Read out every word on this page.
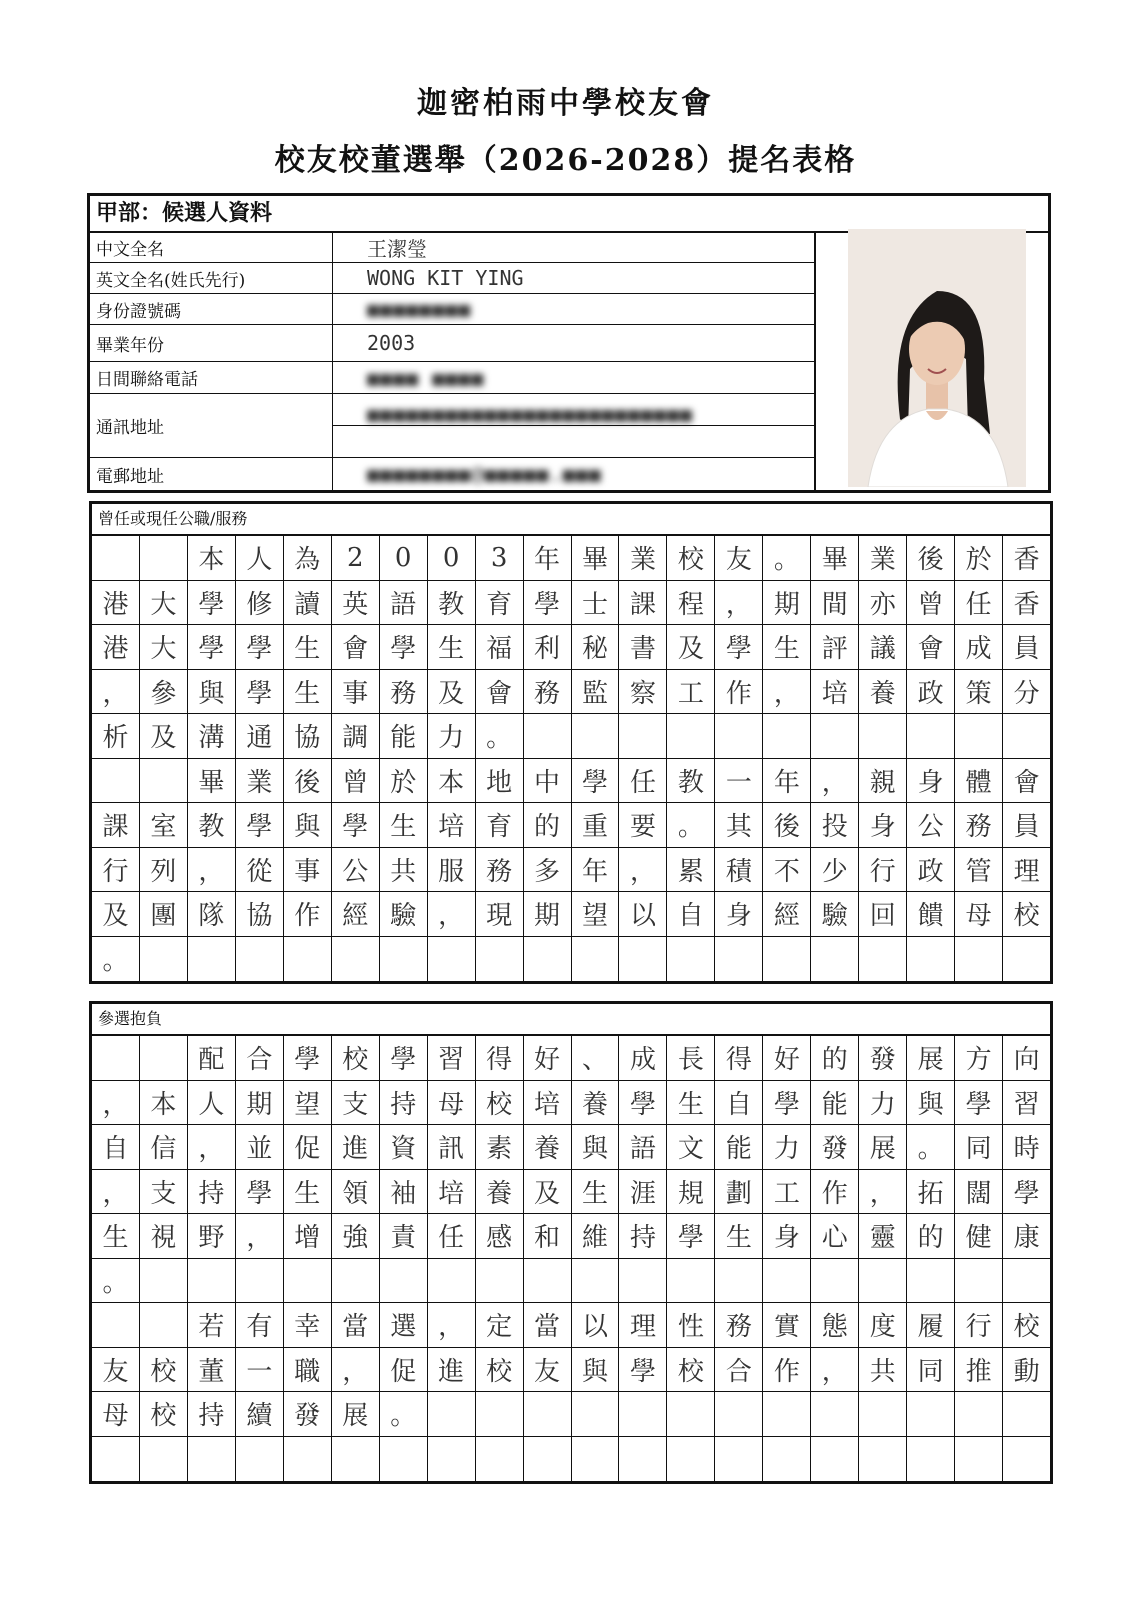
迦密柏雨中學校友會
校友校董選舉（2026-2028）提名表格
甲部：候選人資料
中文全名	王潔瑩
英文全名(姓氏先行)	WONG KIT YING
身份證號碼	■■■■■■■■
畢業年份	2003
日間聯絡電話	■■■■ ■■■■
通訊地址
■■■■■■■■■■■■■■■■■■■■■■■■■
電郵地址	■■■■■■■■@■■■■■.■■■
曾任或現任公職/服務
本 人 為	2	0	0	3	年 畢 業 校 友 。 畢 業 後 於 香
港 大 學 修 讀 英 語 教 育 學 士 課 程 ， 期 間 亦 曾 任 香
港 大 學 學 生 會 學 生 福 利 秘 書 及 學 生 評 議 會 成 員
， 參 與 學 生 事 務 及 會 務 監 察 工 作 ， 培 養 政 策 分
析 及 溝 通 協 調 能 力 。
畢 業 後 曾 於 本 地 中 學 任 教 一 年 ， 親 身 體 會
課 室 教 學 與 學 生 培 育 的 重 要 。 其 後 投 身 公 務 員
行 列 ， 從 事 公 共 服 務 多 年 ， 累 積 不 少 行 政 管 理
及 團 隊 協 作 經 驗 ， 現 期 望 以 自 身 經 驗 回 饋 母 校
。
參選抱負
配 合 學 校 學 習 得 好 、 成 長 得 好 的 發 展 方 向
， 本 人 期 望 支 持 母 校 培 養 學 生 自 學 能 力 與 學 習
自 信 ， 並 促 進 資 訊 素 養 與 語 文 能 力 發 展 。 同 時
， 支 持 學 生 領 袖 培 養 及 生 涯 規 劃 工 作 ， 拓 闊 學
生 視 野 ， 增 強 責 任 感 和 維 持 學 生 身 心 靈 的 健 康
。
若 有 幸 當 選 ， 定 當 以 理 性 務 實 態 度 履 行 校
友 校 董 一 職 ， 促 進 校 友 與 學 校 合 作 ， 共 同 推 動
母 校 持 續 發 展 。
